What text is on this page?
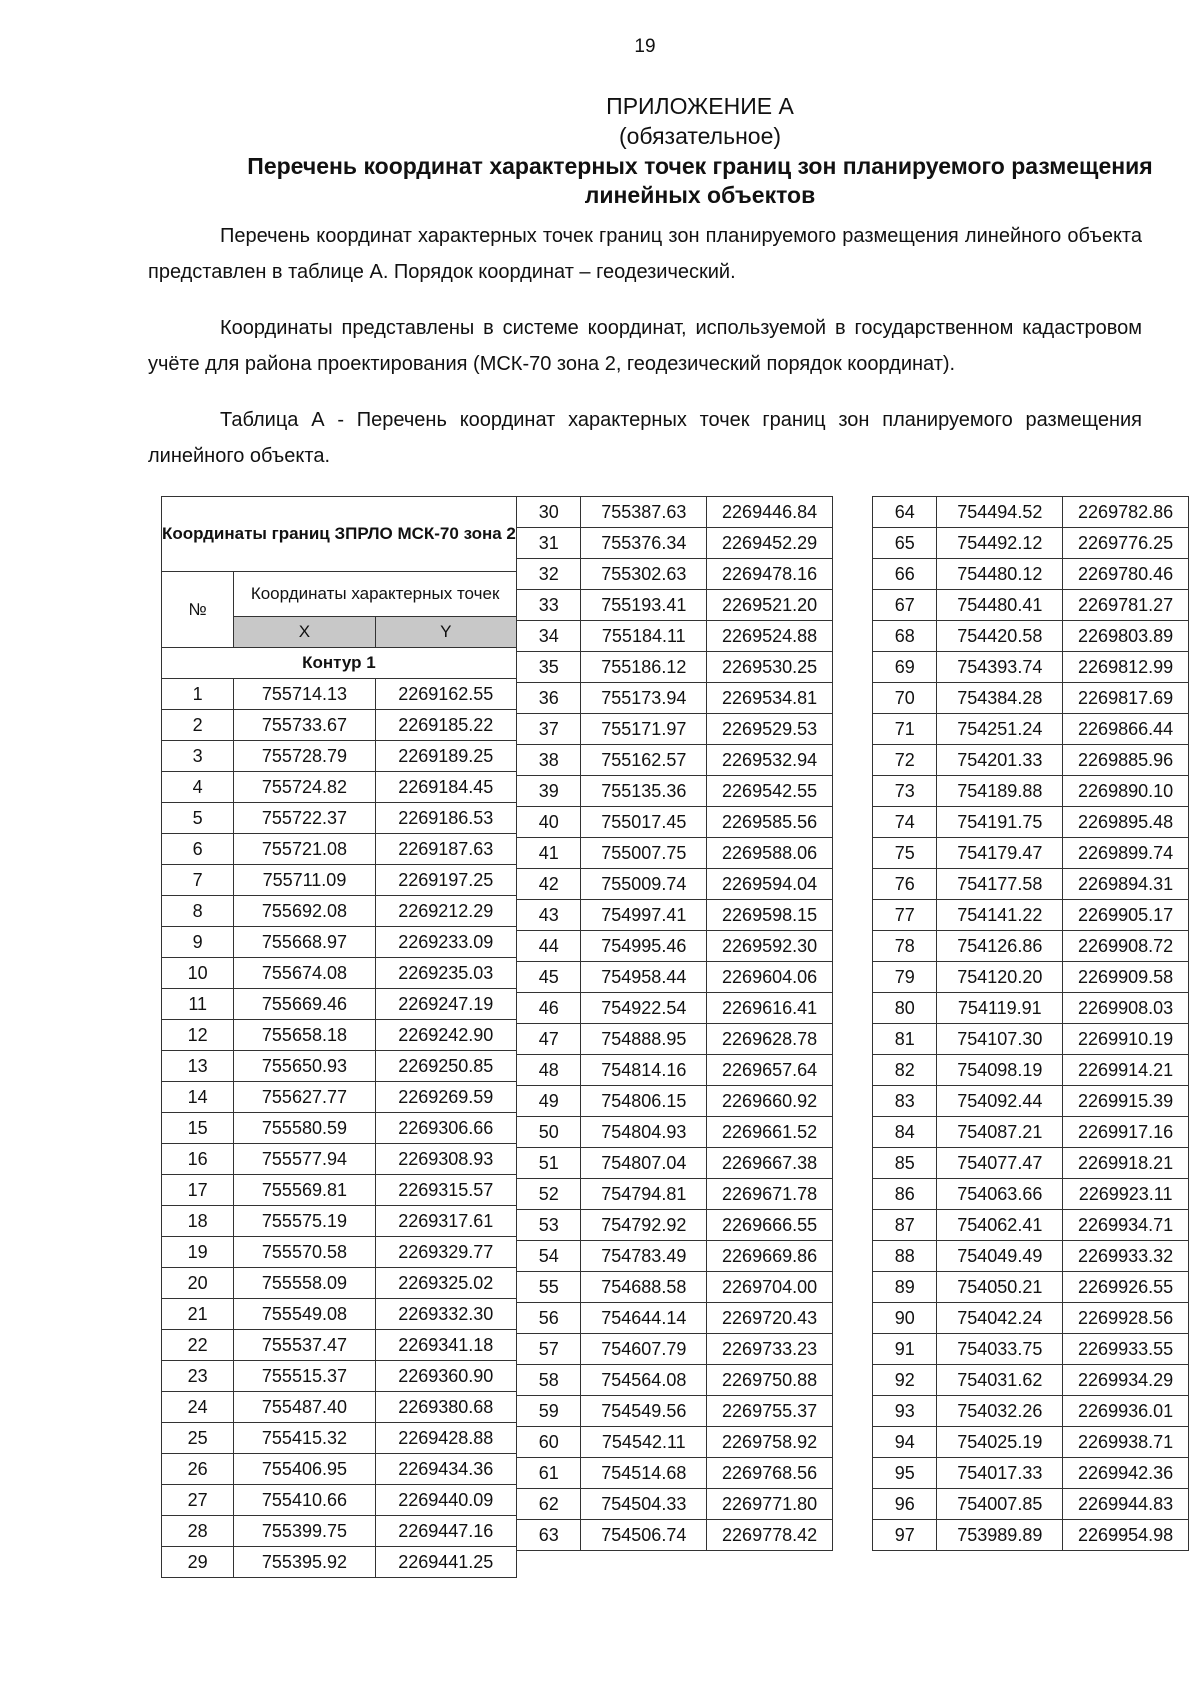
19
ПРИЛОЖЕНИЕ А
(обязательное)
Перечень координат характерных точек границ зон планируемого размещения
линейных объектов

Перечень координат характерных точек границ зон планируемого размещения линейного объекта представлен в таблице А. Порядок координат – геодезический.

Координаты представлены в системе координат, используемой в государственном кадастровом учёте для района проектирования (МСК-70 зона 2, геодезический порядок координат).

Таблица А - Перечень координат характерных точек границ зон планируемого размещения линейного объекта.

Координаты границ ЗПРЛО МСК-70 зона 2		
№	Координаты характерных точек	
	X	Y
Контур 1		
1	755714.13	2269162.55
2	755733.67	2269185.22
3	755728.79	2269189.25
4	755724.82	2269184.45
5	755722.37	2269186.53
6	755721.08	2269187.63
7	755711.09	2269197.25
8	755692.08	2269212.29
9	755668.97	2269233.09
10	755674.08	2269235.03
11	755669.46	2269247.19
12	755658.18	2269242.90
13	755650.93	2269250.85
14	755627.77	2269269.59
15	755580.59	2269306.66
16	755577.94	2269308.93
17	755569.81	2269315.57
18	755575.19	2269317.61
19	755570.58	2269329.77
20	755558.09	2269325.02
21	755549.08	2269332.30
22	755537.47	2269341.18
23	755515.37	2269360.90
24	755487.40	2269380.68
25	755415.32	2269428.88
26	755406.95	2269434.36
27	755410.66	2269440.09
28	755399.75	2269447.16
29	755395.92	2269441.25
30	755387.63	2269446.84
31	755376.34	2269452.29
32	755302.63	2269478.16
33	755193.41	2269521.20
34	755184.11	2269524.88
35	755186.12	2269530.25
36	755173.94	2269534.81
37	755171.97	2269529.53
38	755162.57	2269532.94
39	755135.36	2269542.55
40	755017.45	2269585.56
41	755007.75	2269588.06
42	755009.74	2269594.04
43	754997.41	2269598.15
44	754995.46	2269592.30
45	754958.44	2269604.06
46	754922.54	2269616.41
47	754888.95	2269628.78
48	754814.16	2269657.64
49	754806.15	2269660.92
50	754804.93	2269661.52
51	754807.04	2269667.38
52	754794.81	2269671.78
53	754792.92	2269666.55
54	754783.49	2269669.86
55	754688.58	2269704.00
56	754644.14	2269720.43
57	754607.79	2269733.23
58	754564.08	2269750.88
59	754549.56	2269755.37
60	754542.11	2269758.92
61	754514.68	2269768.56
62	754504.33	2269771.80
63	754506.74	2269778.42
64	754494.52	2269782.86
65	754492.12	2269776.25
66	754480.12	2269780.46
67	754480.41	2269781.27
68	754420.58	2269803.89
69	754393.74	2269812.99
70	754384.28	2269817.69
71	754251.24	2269866.44
72	754201.33	2269885.96
73	754189.88	2269890.10
74	754191.75	2269895.48
75	754179.47	2269899.74
76	754177.58	2269894.31
77	754141.22	2269905.17
78	754126.86	2269908.72
79	754120.20	2269909.58
80	754119.91	2269908.03
81	754107.30	2269910.19
82	754098.19	2269914.21
83	754092.44	2269915.39
84	754087.21	2269917.16
85	754077.47	2269918.21
86	754063.66	2269923.11
87	754062.41	2269934.71
88	754049.49	2269933.32
89	754050.21	2269926.55
90	754042.24	2269928.56
91	754033.75	2269933.55
92	754031.62	2269934.29
93	754032.26	2269936.01
94	754025.19	2269938.71
95	754017.33	2269942.36
96	754007.85	2269944.83
97	753989.89	2269954.98
